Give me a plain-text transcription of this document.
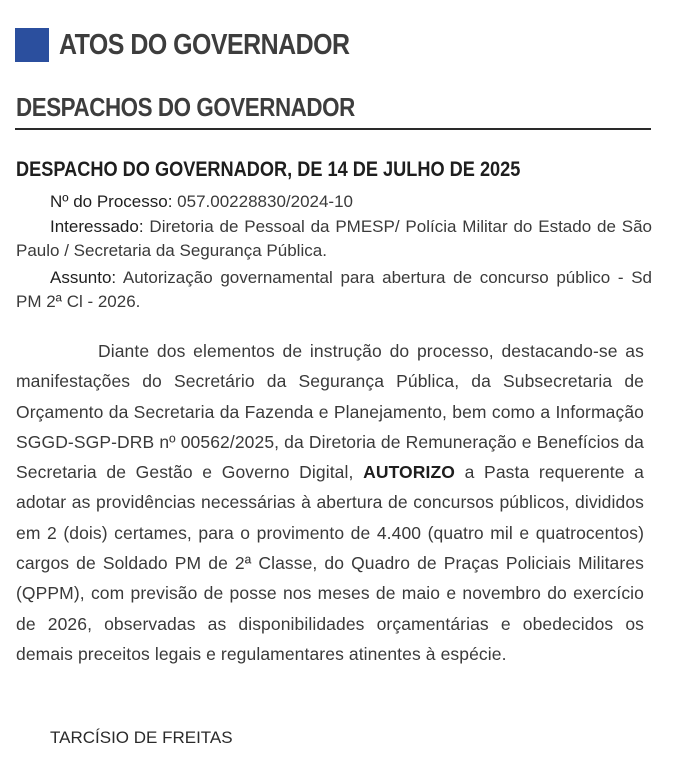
ATOS DO GOVERNADOR
DESPACHOS DO GOVERNADOR
DESPACHO DO GOVERNADOR, DE 14 DE JULHO DE 2025
Nº do Processo: 057.00228830/2024-10
Interessado: Diretoria de Pessoal da PMESP/ Polícia Militar do Estado de São Paulo / Secretaria da Segurança Pública.
Assunto: Autorização governamental para abertura de concurso público - Sd PM 2ª Cl - 2026.
Diante dos elementos de instrução do processo, destacando-se as manifestações do Secretário da Segurança Pública, da Subsecretaria de Orçamento da Secretaria da Fazenda e Planejamento, bem como a Informação SGGD-SGP-DRB nº 00562/2025, da Diretoria de Remuneração e Benefícios da Secretaria de Gestão e Governo Digital, AUTORIZO a Pasta requerente a adotar as providências necessárias à abertura de concursos públicos, divididos em 2 (dois) certames, para o provimento de 4.400 (quatro mil e quatrocentos) cargos de Soldado PM de 2ª Classe, do Quadro de Praças Policiais Militares (QPPM), com previsão de posse nos meses de maio e novembro do exercício de 2026, observadas as disponibilidades orçamentárias e obedecidos os demais preceitos legais e regulamentares atinentes à espécie.
TARCÍSIO DE FREITAS
